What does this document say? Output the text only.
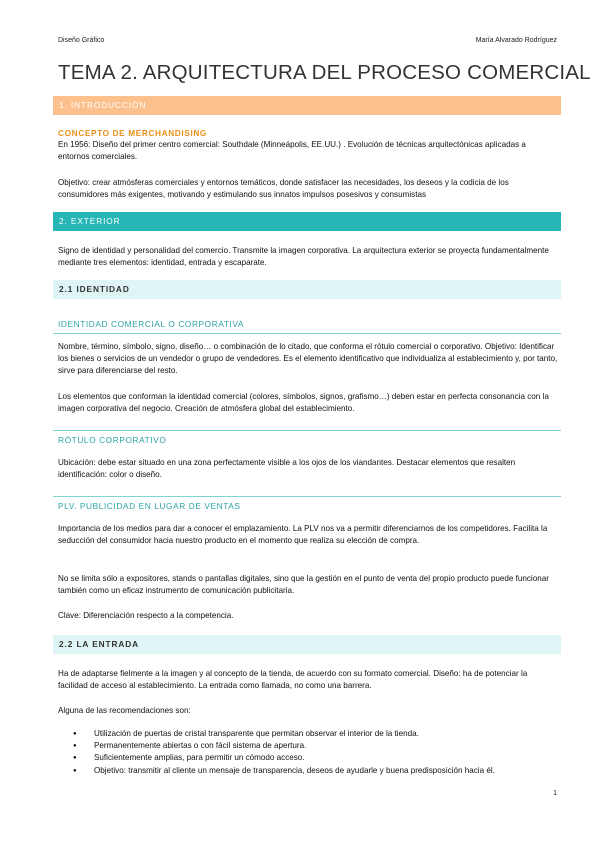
Diseño Gráfico	María Alvarado Rodríguez
TEMA 2. ARQUITECTURA DEL PROCESO COMERCIAL
1. INTRODUCCIÓN
CONCEPTO DE MERCHANDISING
En 1956: Diseño del primer centro comercial: Southdale (Minneápolis, EE.UU.) . Evolución de técnicas arquitectónicas aplicadas a entornos comerciales.
Objetivo: crear atmósferas comerciales y entornos temáticos, donde satisfacer las necesidades, los deseos y la codicia de los consumidores más exigentes, motivando y estimulando sus innatos impulsos posesivos y consumistas
2. EXTERIOR
Signo de identidad y personalidad del comercio. Transmite la imagen corporativa. La arquitectura exterior se proyecta fundamentalmente mediante tres elementos: identidad, entrada y escaparate.
2.1 IDENTIDAD
IDENTIDAD COMERCIAL O CORPORATIVA
Nombre, término, símbolo, signo, diseño… o combinación de lo citado, que conforma el rótulo comercial o corporativo. Objetivo: Identificar los bienes o servicios de un vendedor o grupo de vendedores. Es el elemento identificativo que individualiza al establecimiento y, por tanto, sirve para diferenciarse del resto.
Los elementos que conforman la identidad comercial (colores, símbolos, signos, grafismo…) deben estar en perfecta consonancia con la imagen corporativa del negocio. Creación de atmósfera global del establecimiento.
RÓTULO CORPORATIVO
Ubicación: debe estar situado en una zona perfectamente visible a los ojos de los viandantes. Destacar elementos que resalten identificación: color o diseño.
PLV. PUBLICIDAD EN LUGAR DE VENTAS
Importancia de los medios para dar a conocer el emplazamiento. La PLV nos va a permitir diferenciarnos de los competidores. Facilita la seducción del consumidor hacia nuestro producto en el momento que realiza su elección de compra.
No se limita sólo a expositores, stands o pantallas digitales, sino que la gestión en el punto de venta del propio producto puede funcionar también como un eficaz instrumento de comunicación publicitaria.
Clave: Diferenciación respecto a la competencia.
2.2 LA ENTRADA
Ha de adaptarse fielmente a la imagen y al concepto de la tienda, de acuerdo con su formato comercial. Diseño: ha de potenciar la facilidad de acceso al establecimiento. La entrada como llamada, no como una barrera.
Alguna de las recomendaciones son:
● Utilización de puertas de cristal transparente que permitan observar el interior de la tienda.
● Permanentemente abiertas o con fácil sistema de apertura.
● Suficientemente amplias, para permitir un cómodo acceso.
● Objetivo: transmitir al cliente un mensaje de transparencia, deseos de ayudarle y buena predisposición hacia él.
1
